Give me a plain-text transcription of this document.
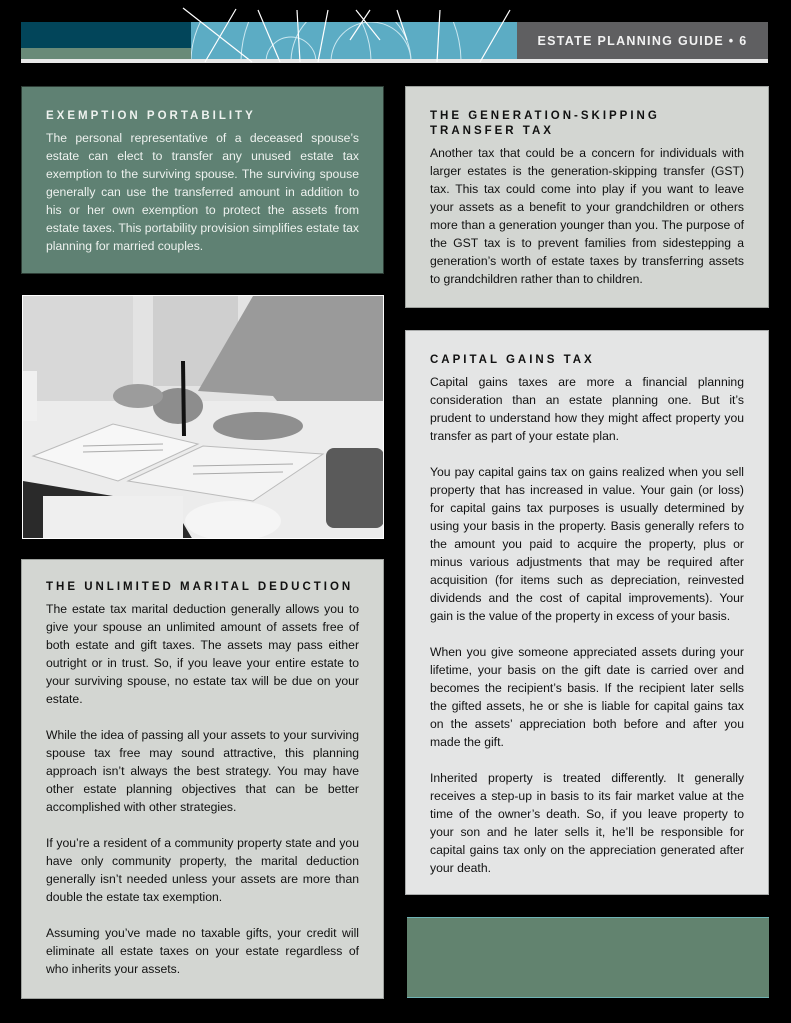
ESTATE PLANNING GUIDE • 6
EXEMPTION PORTABILITY

The personal representative of a deceased spouse’s estate can elect to transfer any unused estate tax exemption to the surviving spouse. The surviving spouse generally can use the transferred amount in addition to his or her own exemption to protect the assets from estate taxes. This portability provision simplifies estate tax planning for married couples.

THE GENERATION-SKIPPING
TRANSFER TAX

Another tax that could be a concern for individuals with larger estates is the generation-skipping transfer (GST) tax. This tax could come into play if you want to leave your assets as a benefit to your grandchildren or others more than a generation younger than you. The purpose of the GST tax is to prevent families from sidestepping a generation’s worth of estate taxes by transferring assets to grandchildren rather than to children.

CAPITAL GAINS TAX

Capital gains taxes are more a financial planning consideration than an estate planning one. But it’s prudent to understand how they might affect property you transfer as part of your estate plan.

You pay capital gains tax on gains realized when you sell property that has increased in value. Your gain (or loss) for capital gains tax purposes is usually determined by using your basis in the property. Basis generally refers to the amount you paid to acquire the property, plus or minus various adjustments that may be required after acquisition (for items such as depreciation, reinvested dividends and the cost of capital improvements). Your gain is the value of the property in excess of your basis.

When you give someone appreciated assets during your lifetime, your basis on the gift date is carried over and becomes the recipient’s basis. If the recipient later sells the gifted assets, he or she is liable for capital gains tax on the assets’ appreciation both before and after you made the gift.

Inherited property is treated differently. It generally receives a step-up in basis to its fair market value at the time of the owner’s death. So, if you leave property to your son and he later sells it, he’ll be responsible for capital gains tax only on the appreciation generated after your death.

THE UNLIMITED MARITAL DEDUCTION

The estate tax marital deduction generally allows you to give your spouse an unlimited amount of assets free of both estate and gift taxes. The assets may pass either outright or in trust. So, if you leave your entire estate to your surviving spouse, no estate tax will be due on your estate.

While the idea of passing all your assets to your surviving spouse tax free may sound attractive, this planning approach isn’t always the best strategy. You may have other estate planning objectives that can be better accomplished with other strategies.

If you’re a resident of a community property state and you have only community property, the marital deduction generally isn’t needed unless your assets are more than double the estate tax exemption.

Assuming you’ve made no taxable gifts, your credit will eliminate all estate taxes on your estate regardless of who inherits your assets.
